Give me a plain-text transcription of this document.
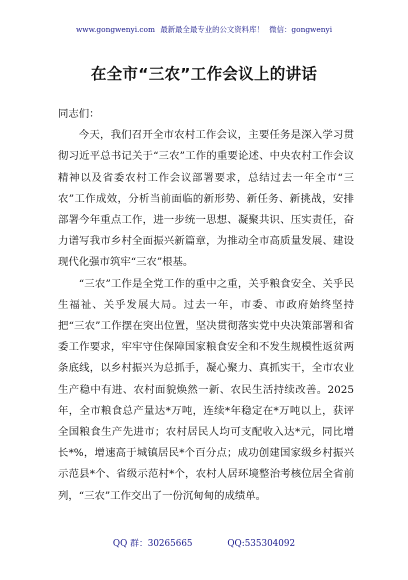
www.gongwenyi.com 最新最全最专业的公文资料库！ 微信：gongwenyi
在全市“三农”工作会议上的讲话

同志们：

今天，我们召开全市农村工作会议，主要任务是深入学习贯彻习近平总书记关于“三农”工作的重要论述、中央农村工作会议精神以及省委农村工作会议部署要求，总结过去一年全市“三农”工作成效，分析当前面临的新形势、新任务、新挑战，安排部署今年重点工作，进一步统一思想、凝聚共识、压实责任，奋力谱写我市乡村全面振兴新篇章，为推动全市高质量发展、建设现代化强市筑牢“三农”根基。

“三农”工作是全党工作的重中之重，关乎粮食安全、关乎民生福祉、关乎发展大局。过去一年，市委、市政府始终坚持把“三农”工作摆在突出位置，坚决贯彻落实党中央决策部署和省委工作要求，牢牢守住保障国家粮食安全和不发生规模性返贫两条底线，以乡村振兴为总抓手，凝心聚力、真抓实干，全市农业生产稳中有进、农村面貌焕然一新、农民生活持续改善。2025年，全市粮食总产量达*万吨，连续*年稳定在*万吨以上，获评全国粮食生产先进市；农村居民人均可支配收入达*元，同比增长*%，增速高于城镇居民*个百分点；成功创建国家级乡村振兴示范县*个、省级示范村*个，农村人居环境整治考核位居全省前列，“三农”工作交出了一份沉甸甸的成绩单。

QQ 群：30265665	QQ:535304092
